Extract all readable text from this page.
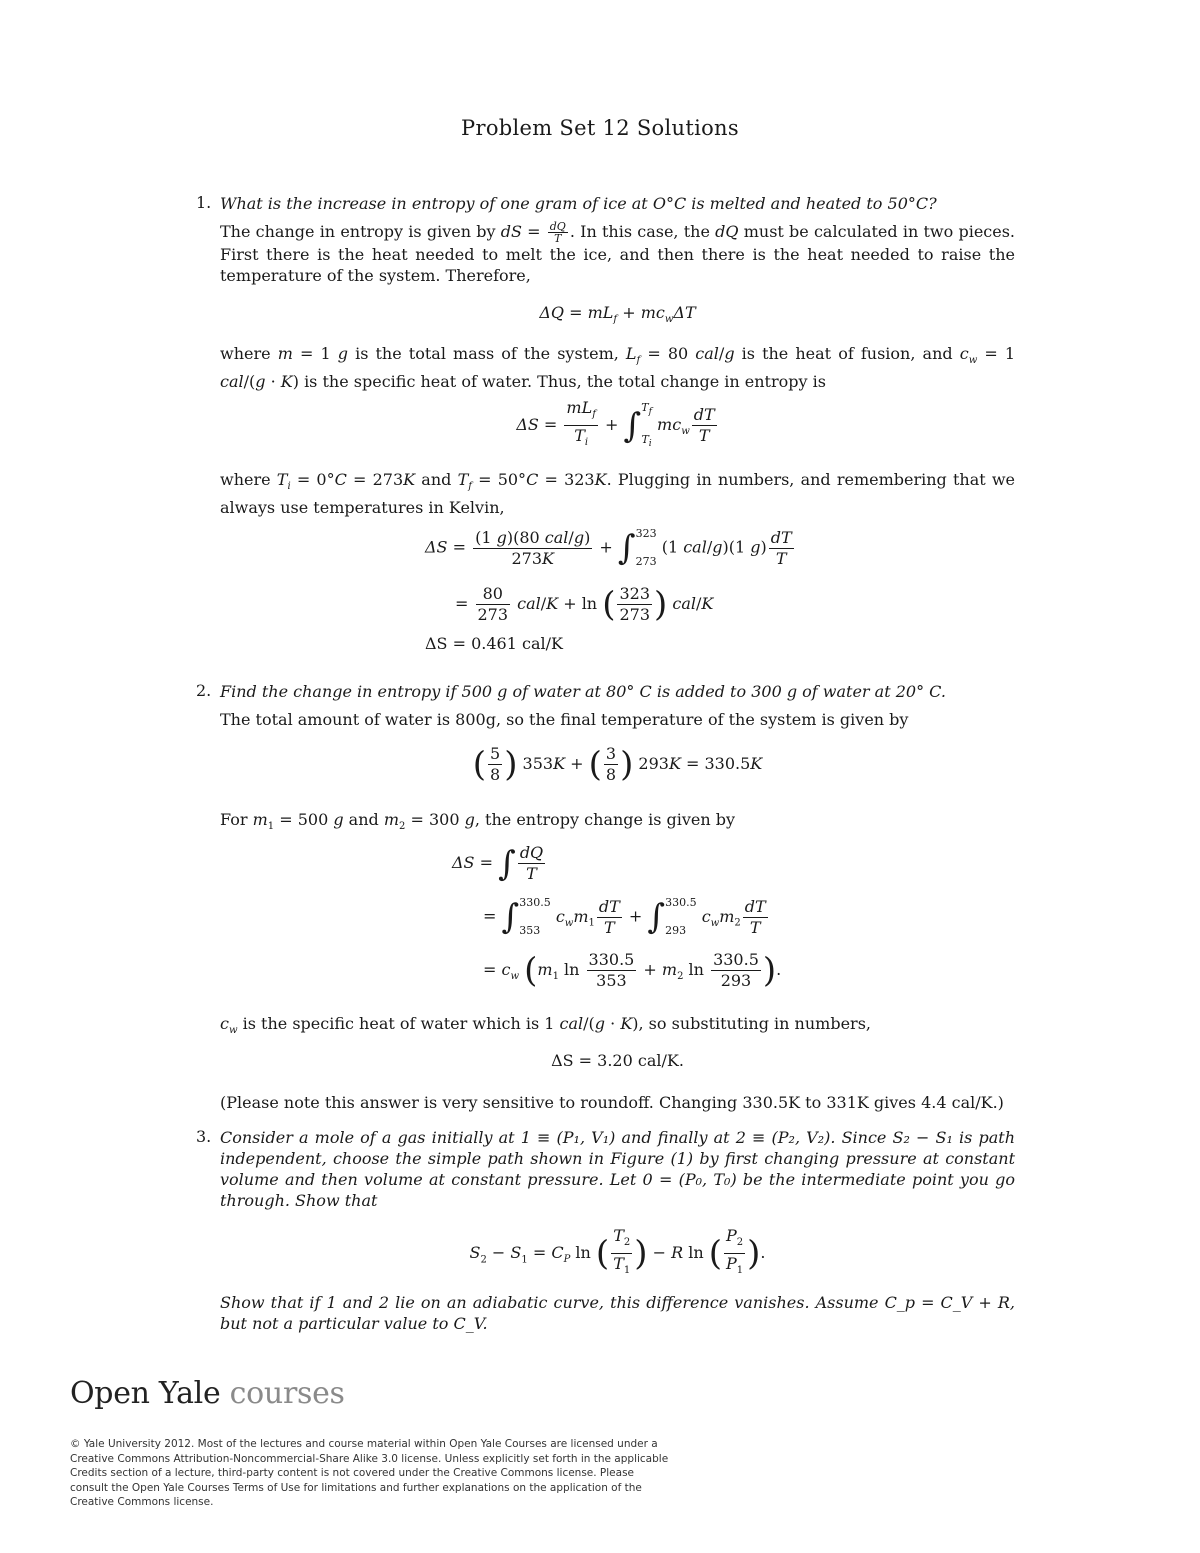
Problem Set 12 Solutions
1. What is the increase in entropy of one gram of ice at O°C is melted and heated to 50°C?
The change in entropy is given by dS = $\frac{dQ}{T}$ . In this case, the dQ must be calculated in two pieces. First there is the heat needed to melt the ice, and then there is the heat needed to raise the temperature of the system. Therefore,
$\Delta Q = mL_f + mc_w\Delta T$
where m = 1 g is the total mass of the system, $L_f = 80$ cal/g is the heat of fusion, and $c_w = 1$ cal/(g · K) is the specific heat of water. Thus, the total change in entropy is
$\Delta S = \frac{mL_f}{T_i}$ + ∫ $T_f$

$T_i$
$mc_w \frac{dT}{T}$
where $T_i = 0^\circ C = 273K$ and $T_f = 50^\circ C = 323K$. Plugging in numbers, and remembering that we always use temperatures in Kelvin,
$\Delta S = \frac{\text{(1 g)(80 cal/g)}}{273K}$ + ∫ 323

273
(1 cal/g)(1 $g) \frac{dT}{T}$
= $\frac{80}{273} cal/K + \ln$ ( $\frac{323}{273}$ ) cal/K
ΔS = 0.461 cal/K
2. Find the change in entropy if 500 g of water at 80° C is added to 300 g of water at 20° C.
The total amount of water is 800g, so the final temperature of the system is given by
( $\frac{5}{8}$ ) 353K + ( $\frac{3}{8}$ ) 293K = 330.5K
For $m_1 = 500$ g and $m_2 = 300$ g, the entropy change is given by
ΔS = ∫ $\frac{dQ}{T}$
= ∫ 330.5

353
$c_wm_1 \frac{dT}{T}$ + ∫ 330.5

293
$c_wm_2 \frac{dT}{T}$
= $c_w$ ($m_1$ $\ln \frac{330.5}{353} + m_2$ $\ln \frac{330.5}{293}$ ).
$c_w$ is the specific heat of water which is 1 cal/(g · K), so substituting in numbers,
ΔS = 3.20 cal/K.
(Please note this answer is very sensitive to roundoff. Changing 330.5K to 331K gives 4.4 cal/K.)
3. Consider a mole of a gas initially at 1 ≡ (P₁, V₁) and finally at 2 ≡ (P₂, V₂). Since S₂ − S₁ is path independent, choose the simple path shown in Figure (1) by first changing pressure at constant volume and then volume at constant pressure. Let 0 = (P₀, T₀) be the intermediate point you go through. Show that
$S_2 - S_1 = C_P$ ln ( $\frac{T_2}{T_1}$ ) − R ln ( $\frac{P_2}{P_1}$ ).
Show that if 1 and 2 lie on an adiabatic curve, this difference vanishes. Assume C_p = C_V + R, but not a particular value to C_V.
Open Yale courses
© Yale University 2012. Most of the lectures and course material within Open Yale Courses are licensed under a Creative Commons Attribution-Noncommercial-Share Alike 3.0 license. Unless explicitly set forth in the applicable Credits section of a lecture, third-party content is not covered under the Creative Commons license. Please consult the Open Yale Courses Terms of Use for limitations and further explanations on the application of the Creative Commons license.
